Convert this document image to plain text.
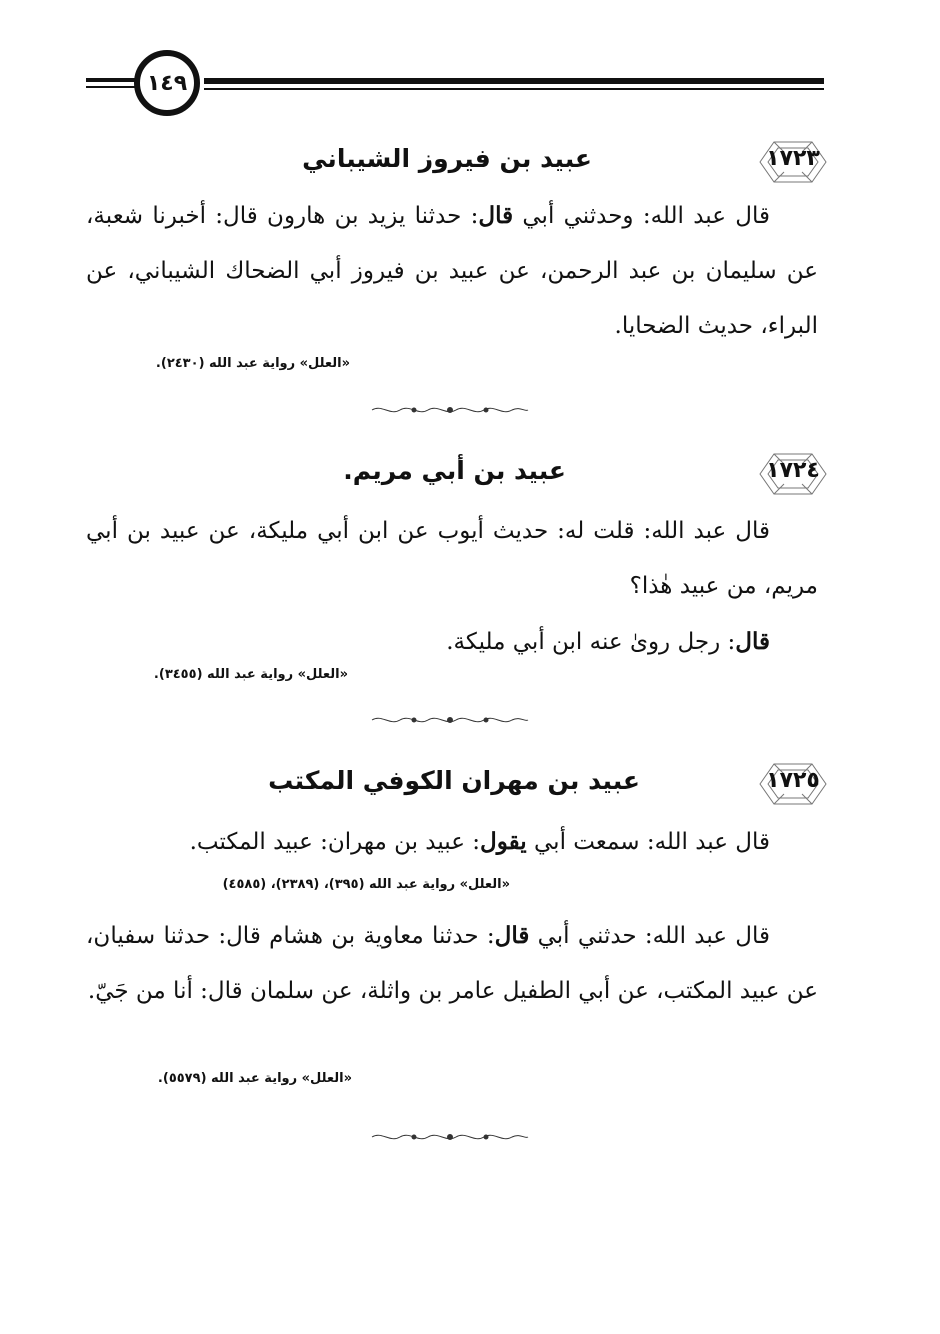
١٤٩
١٧٢٣
عبيد بن فيروز الشيباني
قال عبد الله: وحدثني أبي قال: حدثنا يزيد بن هارون قال: أخبرنا شعبة، عن سليمان بن عبد الرحمن، عن عبيد بن فيروز أبي الضحاك الشيباني، عن البراء، حديث الضحايا.
«العلل» رواية عبد الله (٢٤٣٠).
١٧٢٤
عبيد بن أبي مريم.
قال عبد الله: قلت له: حديث أيوب عن ابن أبي مليكة، عن عبيد بن أبي مريم، من عبيد هٰذا؟
قال: رجل روىٰ عنه ابن أبي مليكة.
«العلل» رواية عبد الله (٣٤٥٥).
١٧٢٥
عبيد بن مهران الكوفي المكتب
قال عبد الله: سمعت أبي يقول: عبيد بن مهران: عبيد المكتب.
«العلل» رواية عبد الله (٣٩٥)، (٢٣٨٩)، (٤٥٨٥)
قال عبد الله: حدثني أبي قال: حدثنا معاوية بن هشام قال: حدثنا سفيان، عن عبيد المكتب، عن أبي الطفيل عامر بن واثلة، عن سلمان قال: أنا من جَيّ.
«العلل» رواية عبد الله (٥٥٧٩).
